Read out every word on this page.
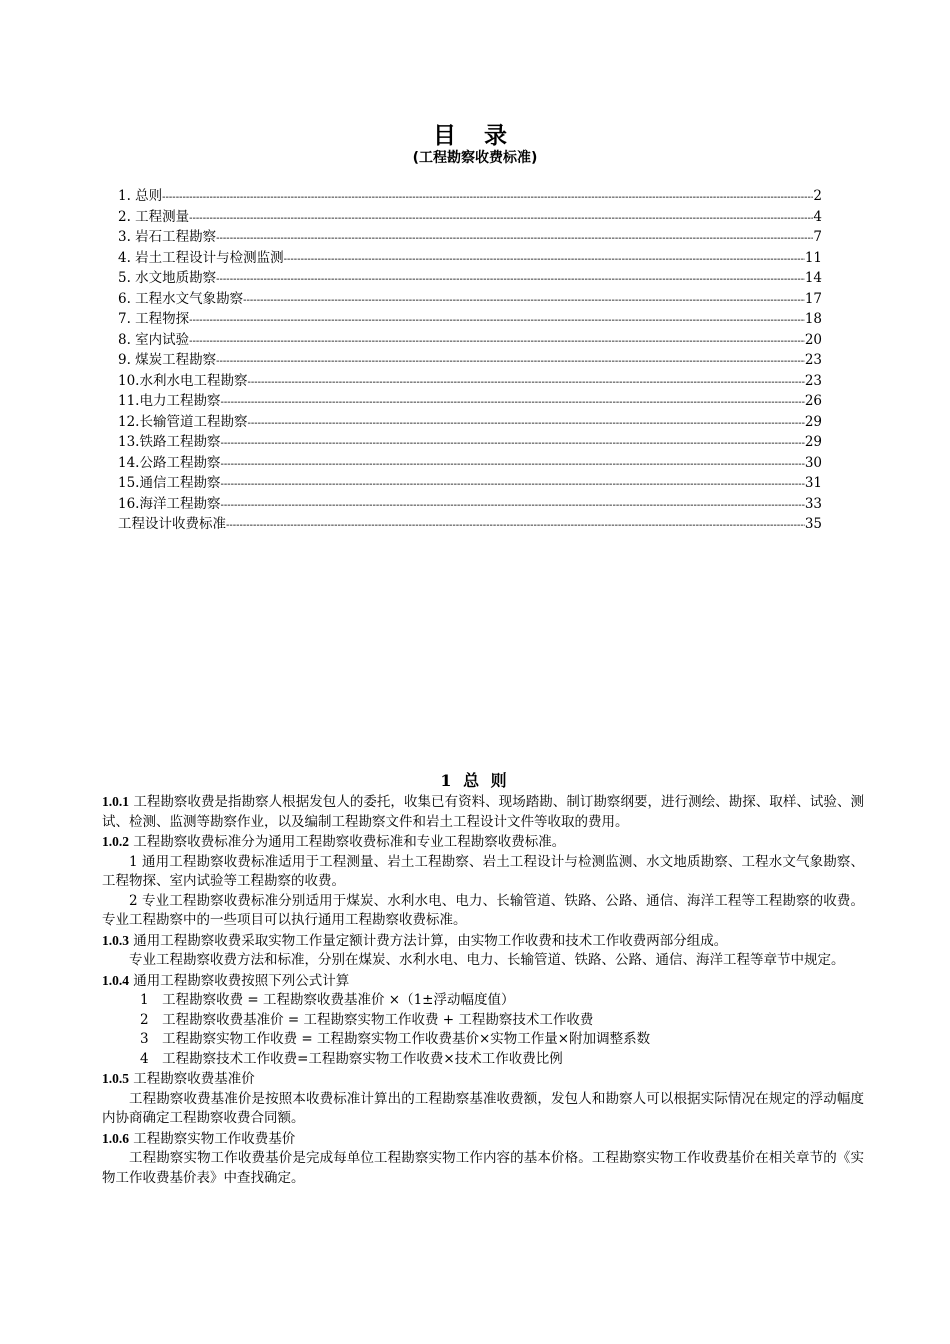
目 录
(工程勘察收费标准)
1. 总则 -----	2
2. 工程测量 -----	4
3. 岩石工程勘察 -----	7
4. 岩土工程设计与检测监测 -----	11
5. 水文地质勘察 -----	14
6. 工程水文气象勘察 -----	17
7. 工程物探 -----	18
8. 室内试验 -----	20
9. 煤炭工程勘察 -----	23
10.水利水电工程勘察 -----	23
11.电力工程勘察 -----	26
12.长输管道工程勘察 -----	29
13.铁路工程勘察 -----	29
14.公路工程勘察 -----	30
15.通信工程勘察 -----	31
16.海洋工程勘察 -----	33
工程设计收费标准 -----	35
1 总 则

1.0.1 工程勘察收费是指勘察人根据发包人的委托，收集已有资料、现场踏勘、制订勘察纲要，进行测绘、勘探、取样、试验、测试、检测、监测等勘察作业，以及编制工程勘察文件和岩土工程设计文件等收取的费用。

1.0.2 工程勘察收费标准分为通用工程勘察收费标准和专业工程勘察收费标准。

1 通用工程勘察收费标准适用于工程测量、岩土工程勘察、岩土工程设计与检测监测、水文地质勘察、工程水文气象勘察、工程物探、室内试验等工程勘察的收费。

2 专业工程勘察收费标准分别适用于煤炭、水利水电、电力、长输管道、铁路、公路、通信、海洋工程等工程勘察的收费。专业工程勘察中的一些项目可以执行通用工程勘察收费标准。

1.0.3 通用工程勘察收费采取实物工作量定额计费方法计算，由实物工作收费和技术工作收费两部分组成。

专业工程勘察收费方法和标准，分别在煤炭、水利水电、电力、长输管道、铁路、公路、通信、海洋工程等章节中规定。

1.0.4 通用工程勘察收费按照下列公式计算

1　工程勘察收费 = 工程勘察收费基准价 ×（1±浮动幅度值）

2　工程勘察收费基准价 = 工程勘察实物工作收费 + 工程勘察技术工作收费

3　工程勘察实物工作收费 = 工程勘察实物工作收费基价×实物工作量×附加调整系数

4　工程勘察技术工作收费=工程勘察实物工作收费×技术工作收费比例

1.0.5 工程勘察收费基准价

工程勘察收费基准价是按照本收费标准计算出的工程勘察基准收费额，发包人和勘察人可以根据实际情况在规定的浮动幅度内协商确定工程勘察收费合同额。

1.0.6 工程勘察实物工作收费基价

工程勘察实物工作收费基价是完成每单位工程勘察实物工作内容的基本价格。工程勘察实物工作收费基价在相关章节的《实物工作收费基价表》中查找确定。
